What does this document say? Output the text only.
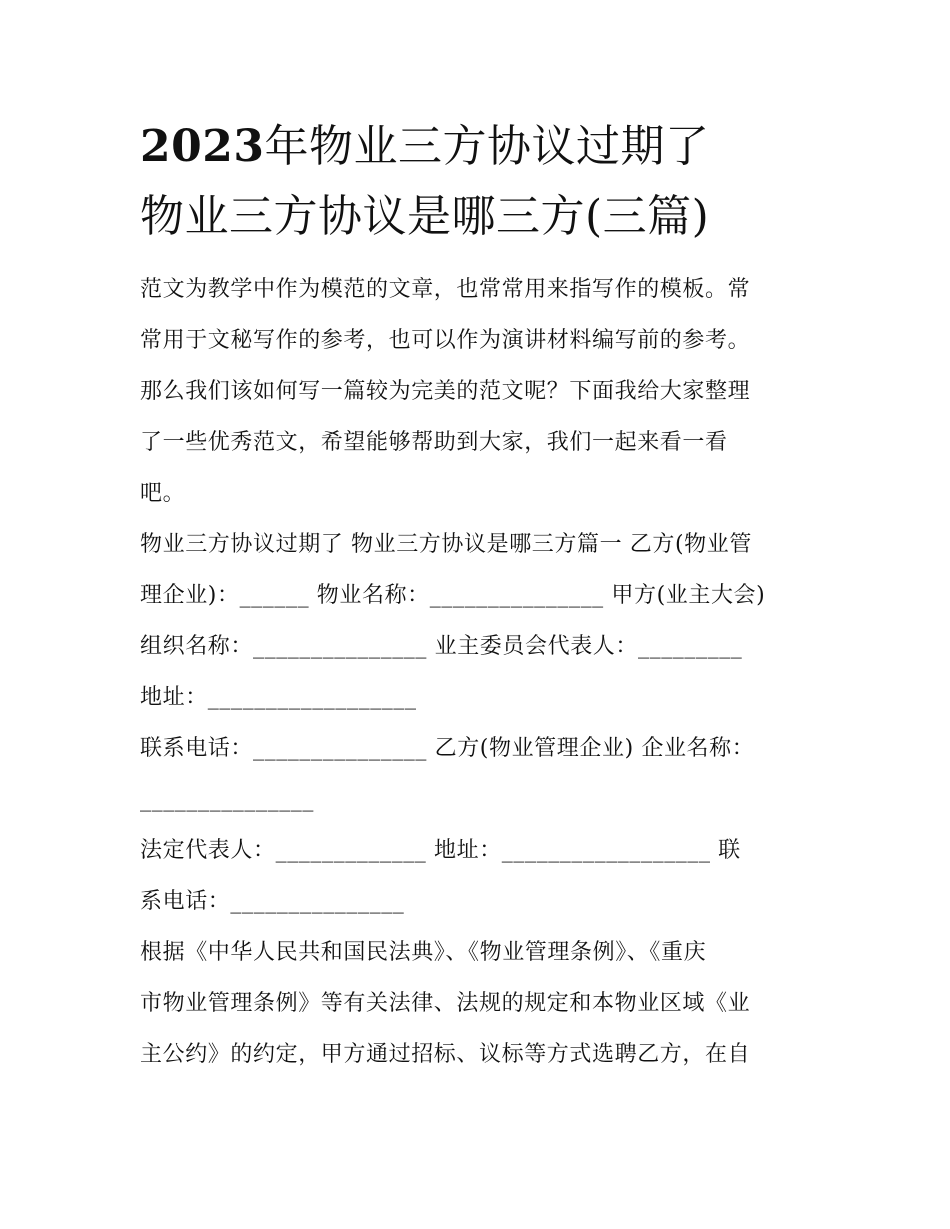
2023年物业三方协议过期了
物业三方协议是哪三方(三篇)
范文为教学中作为模范的文章，也常常用来指写作的模板。常
常用于文秘写作的参考，也可以作为演讲材料编写前的参考。
那么我们该如何写一篇较为完美的范文呢？下面我给大家整理
了一些优秀范文，希望能够帮助到大家，我们一起来看一看
吧。
物业三方协议过期了 物业三方协议是哪三方篇一 乙方(物业管
理企业)：______ 物业名称：_______________ 甲方(业主大会)
组织名称：_______________ 业主委员会代表人：_________
地址：__________________
联系电话：_______________ 乙方(物业管理企业) 企业名称：
_______________
法定代表人：_____________ 地址：__________________ 联
系电话：_______________
根据《中华人民共和国民法典》、《物业管理条例》、《重庆
市物业管理条例》等有关法律、法规的规定和本物业区域《业
主公约》的约定，甲方通过招标、议标等方式选聘乙方，在自
